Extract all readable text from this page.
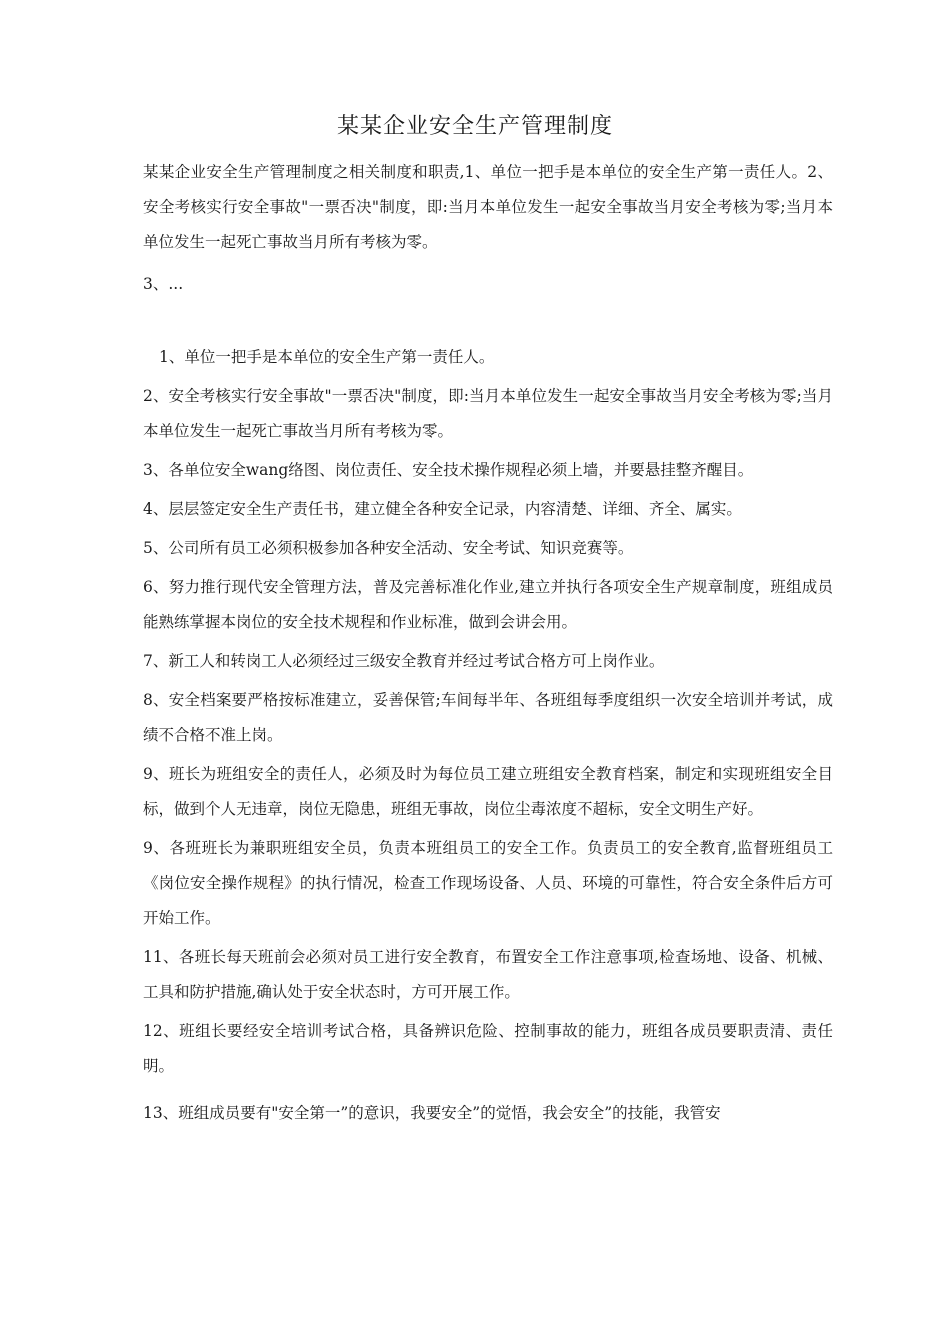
某某企业安全生产管理制度

某某企业安全生产管理制度之相关制度和职责,1、单位一把手是本单位的安全生产第一责任人。2、安全考核实行安全事故"一票否决"制度，即:当月本单位发生一起安全事故当月安全考核为零;当月本单位发生一起死亡事故当月所有考核为零。

3、...

1、单位一把手是本单位的安全生产第一责任人。
2、安全考核实行安全事故"一票否决"制度，即:当月本单位发生一起安全事故当月安全考核为零;当月本单位发生一起死亡事故当月所有考核为零。
3、各单位安全wang络图、岗位责任、安全技术操作规程必须上墙，并要悬挂整齐醒目。
4、层层签定安全生产责任书，建立健全各种安全记录，内容清楚、详细、齐全、属实。
5、公司所有员工必须积极参加各种安全活动、安全考试、知识竞赛等。
6、努力推行现代安全管理方法，普及完善标准化作业,建立并执行各项安全生产规章制度，班组成员能熟练掌握本岗位的安全技术规程和作业标准，做到会讲会用。
7、新工人和转岗工人必须经过三级安全教育并经过考试合格方可上岗作业。
8、安全档案要严格按标准建立，妥善保管;车间每半年、各班组每季度组织一次安全培训并考试，成绩不合格不准上岗。
9、班长为班组安全的责任人，必须及时为每位员工建立班组安全教育档案，制定和实现班组安全目标，做到个人无违章，岗位无隐患，班组无事故，岗位尘毒浓度不超标，安全文明生产好。
9、各班班长为兼职班组安全员，负责本班组员工的安全工作。负责员工的安全教育,监督班组员工《岗位安全操作规程》的执行情况，检查工作现场设备、人员、环境的可靠性，符合安全条件后方可开始工作。
11、各班长每天班前会必须对员工进行安全教育，布置安全工作注意事项,检查场地、设备、机械、工具和防护措施,确认处于安全状态时，方可开展工作。
12、班组长要经安全培训考试合格，具备辨识危险、控制事故的能力，班组各成员要职责清、责任明。
13、班组成员要有"安全第一”的意识，我要安全”的觉悟，我会安全”的技能，我管安
